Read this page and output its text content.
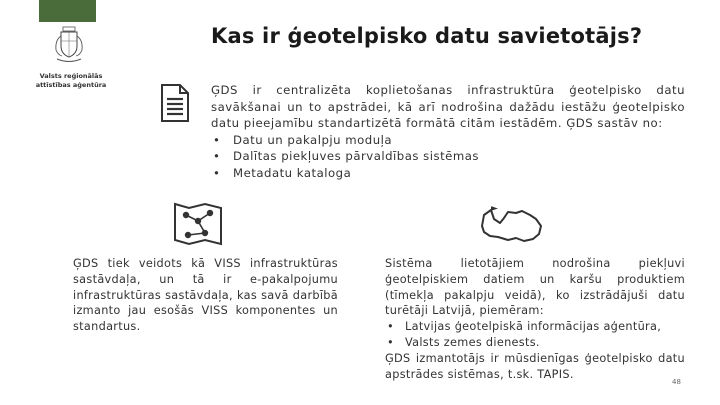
Valsts reģionālās attīstības aģentūra
Kas ir ģeotelpisko datu savietotājs?
ĢDS ir centralizēta koplietošanas infrastruktūra ģeotelpisko datu savākšanai un to apstrādei, kā arī nodrošina dažādu iestāžu ģeotelpisko datu pieejamību standartizētā formātā citām iestādēm. ĢDS sastāv no:
• Datu un pakalpju moduļa
• Dalītas piekļuves pārvaldības sistēmas
• Metadatu kataloga
ĢDS tiek veidots kā VISS infrastruktūras sastāvdaļa, un tā ir e-pakalpojumu infrastruktūras sastāvdaļa, kas savā darbībā izmanto jau esošās VISS komponentes un standartus.
Sistēma lietotājiem nodrošina piekļuvi ģeotelpiskiem datiem un karšu produktiem (tīmekļa pakalpju veidā), ko izstrādājuši datu turētāji Latvijā, piemēram:
• Latvijas ģeotelpiskā informācijas aģentūra,
• Valsts zemes dienests.
ĢDS izmantotājs ir mūsdienīgas ģeotelpisko datu apstrādes sistēmas, t.sk. TAPIS.
48
